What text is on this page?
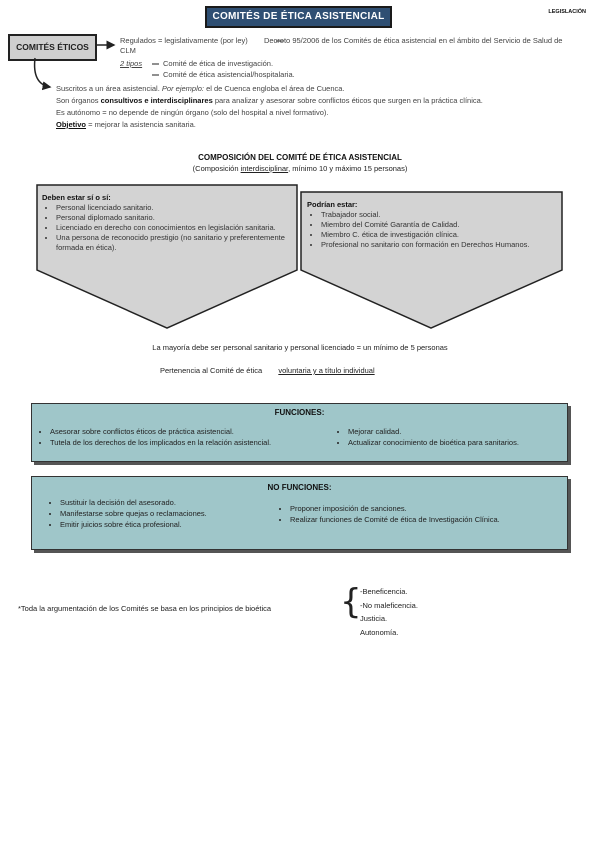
COMITÉS DE ÉTICA ASISTENCIAL	LEGISLACIÓN
COMITÉS ÉTICOS
Regulados = legislativamente (por ley) Decreto 95/2006 de los Comités de ética asistencial en el ámbito del Servicio de Salud de CLM
2 tipos	Comité de ética de investigación.
Comité de ética asistencial/hospitalaria.
Suscritos a un área asistencial. Por ejemplo: el de Cuenca engloba el área de Cuenca.
Son órganos consultivos e interdisciplinares para analizar y asesorar sobre conflictos éticos que surgen en la práctica clínica.
Es autónomo = no depende de ningún órgano (solo del hospital a nivel formativo).
Objetivo = mejorar la asistencia sanitaria.
COMPOSICIÓN DEL COMITÉ DE ÉTICA ASISTENCIAL
(Composición interdisciplinar, mínimo 10 y máximo 15 personas)
Deben estar sí o sí:
• Personal licenciado sanitario.
• Personal diplomado sanitario.
• Licenciado en derecho con conocimientos en legislación sanitaria.
• Una persona de reconocido prestigio (no sanitario y preferentemente formada en ética).
Podrían estar:
• Trabajador social.
• Miembro del Comité Garantía de Calidad.
• Miembro C. ética de investigación clínica.
• Profesional no sanitario con formación en Derechos Humanos.
La mayoría debe ser personal sanitario y personal licenciado = un mínimo de 5 personas
Pertenencia al Comité de ética voluntaria y a título individual
FUNCIONES:
• Asesorar sobre conflictos éticos de práctica asistencial.
• Tutela de los derechos de los implicados en la relación asistencial.
• Mejorar calidad.
• Actualizar conocimiento de bioética para sanitarios.
NO FUNCIONES:
• Sustituir la decisión del asesorado.
• Manifestarse sobre quejas o reclamaciones.
• Emitir juicios sobre ética profesional.
• Proponer imposición de sanciones.
• Realizar funciones de Comité de ética de Investigación Clínica.
*Toda la argumentación de los Comités se basa en los principios de bioética {
-Beneficencia.
-No maleficencia.
Justicia.
Autonomía.
